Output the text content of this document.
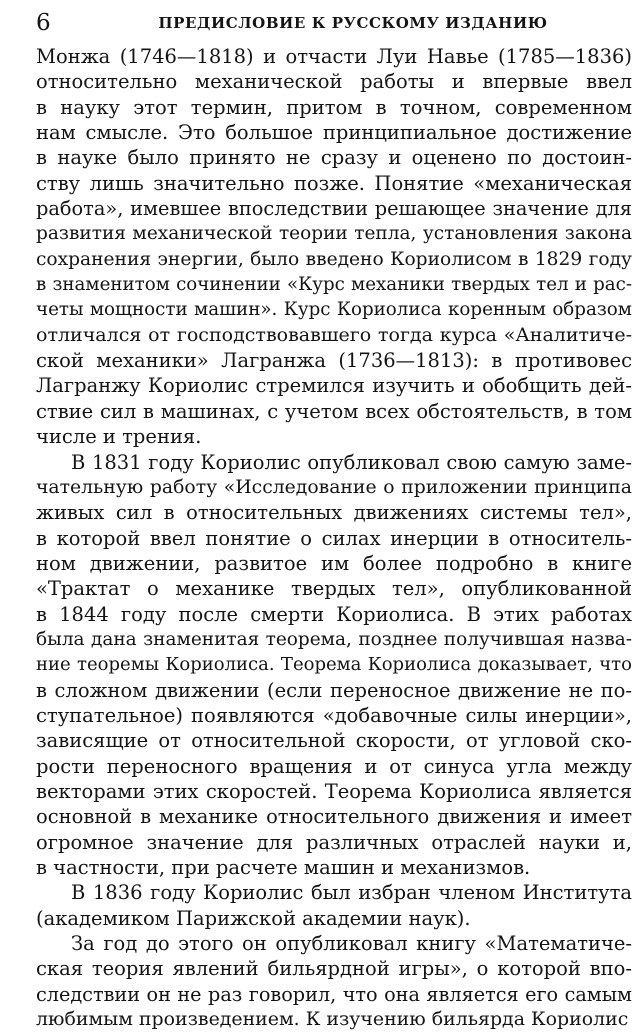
6	ПРЕДИСЛОВИЕ К РУССКОМУ ИЗДАНИЮ
Монжа (1746—1818) и отчасти Луи Навье (1785—1836)
относительно механической работы и впервые ввел
в науку этот термин, притом в точном, современном
нам смысле. Это большое принципиальное достижение
в науке было принято не сразу и оценено по достоин-
ству лишь значительно позже. Понятие «механическая
работа», имевшее впоследствии решающее значение для
развития механической теории тепла, установления закона
сохранения энергии, было введено Кориолисом в 1829 году
в знаменитом сочинении «Курс механики твердых тел и рас-
четы мощности машин». Курс Кориолиса коренным образом
отличался от господствовавшего тогда курса «Аналитиче-
ской механики» Лагранжа (1736—1813): в противовес
Лагранжу Кориолис стремился изучить и обобщить дей-
ствие сил в машинах, с учетом всех обстоятельств, в том
числе и трения.
В 1831 году Кориолис опубликовал свою самую заме-
чательную работу «Исследование о приложении принципа
живых сил в относительных движениях системы тел»,
в которой ввел понятие о силах инерции в относитель-
ном движении, развитое им более подробно в книге
«Трактат о механике твердых тел», опубликованной
в 1844 году после смерти Кориолиса. В этих работах
была дана знаменитая теорема, позднее получившая назва-
ние теоремы Кориолиса. Теорема Кориолиса доказывает, что
в сложном движении (если переносное движение не по-
ступательное) появляются «добавочные силы инерции»,
зависящие от относительной скорости, от угловой ско-
рости переносного вращения и от синуса угла между
векторами этих скоростей. Теорема Кориолиса является
основной в механике относительного движения и имеет
огромное значение для различных отраслей науки и,
в частности, при расчете машин и механизмов.
В 1836 году Кориолис был избран членом Института
(академиком Парижской академии наук).
За год до этого он опубликовал книгу «Математиче-
ская теория явлений бильярдной игры», о которой впо-
следствии он не раз говорил, что она является его самым
любимым произведением. К изучению бильярда Кориолис
